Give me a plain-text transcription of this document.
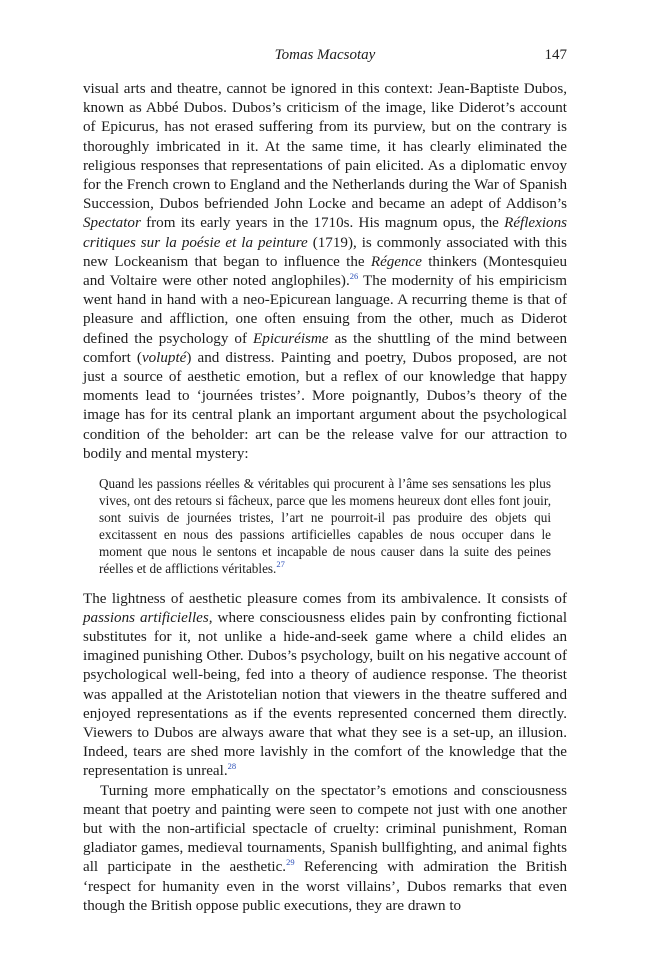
Tomas Macsotay	147

visual arts and theatre, cannot be ignored in this context: Jean-Baptiste Dubos, known as Abbé Dubos. Dubos’s criticism of the image, like Diderot’s account of Epicurus, has not erased suffering from its purview, but on the contrary is thoroughly imbricated in it. At the same time, it has clearly eliminated the religious responses that representations of pain elicited. As a diplomatic envoy for the French crown to England and the Netherlands during the War of Spanish Succession, Dubos befriended John Locke and became an adept of Addison’s Spectator from its early years in the 1710s. His magnum opus, the Réflexions critiques sur la poésie et la peinture (1719), is commonly associated with this new Lockeanism that began to influence the Régence thinkers (Montesquieu and Voltaire were other noted anglophiles).$^{26}$ The modernity of his empiricism went hand in hand with a neo-Epicurean language. A recurring theme is that of pleasure and affliction, one often ensuing from the other, much as Diderot defined the psychology of Epicuréisme as the shuttling of the mind between comfort (volupté) and distress. Painting and poetry, Dubos proposed, are not just a source of aesthetic emotion, but a reflex of our knowledge that happy moments lead to ‘journées tristes’. More poignantly, Dubos’s theory of the image has for its central plank an important argument about the psychological condition of the beholder: art can be the release valve for our attraction to bodily and mental mystery:

Quand les passions réelles & véritables qui procurent à l’âme ses sensations les plus vives, ont des retours si fâcheux, parce que les momens heureux dont elles font jouir, sont suivis de journées tristes, l’art ne pourroit-il pas produire des objets qui excitassent en nous des passions artificielles capables de nous occuper dans le moment que nous le sentons et incapable de nous causer dans la suite des peines réelles et de afflictions véritables.$^{27}$

The lightness of aesthetic pleasure comes from its ambivalence. It consists of passions artificielles, where consciousness elides pain by confronting fictional substitutes for it, not unlike a hide-and-seek game where a child elides an imagined punishing Other. Dubos’s psychology, built on his negative account of psychological well-being, fed into a theory of audience response. The theorist was appalled at the Aristotelian notion that viewers in the theatre suffered and enjoyed representations as if the events represented concerned them directly. Viewers to Dubos are always aware that what they see is a set-up, an illusion. Indeed, tears are shed more lavishly in the comfort of the knowledge that the representation is unreal.$^{28}$

Turning more emphatically on the spectator’s emotions and consciousness meant that poetry and painting were seen to compete not just with one another but with the non-artificial spectacle of cruelty: criminal punishment, Roman gladiator games, medieval tournaments, Spanish bullfighting, and animal fights all participate in the aesthetic.$^{29}$ Referencing with admiration the British ‘respect for humanity even in the worst villains’, Dubos remarks that even though the British oppose public executions, they are drawn to
